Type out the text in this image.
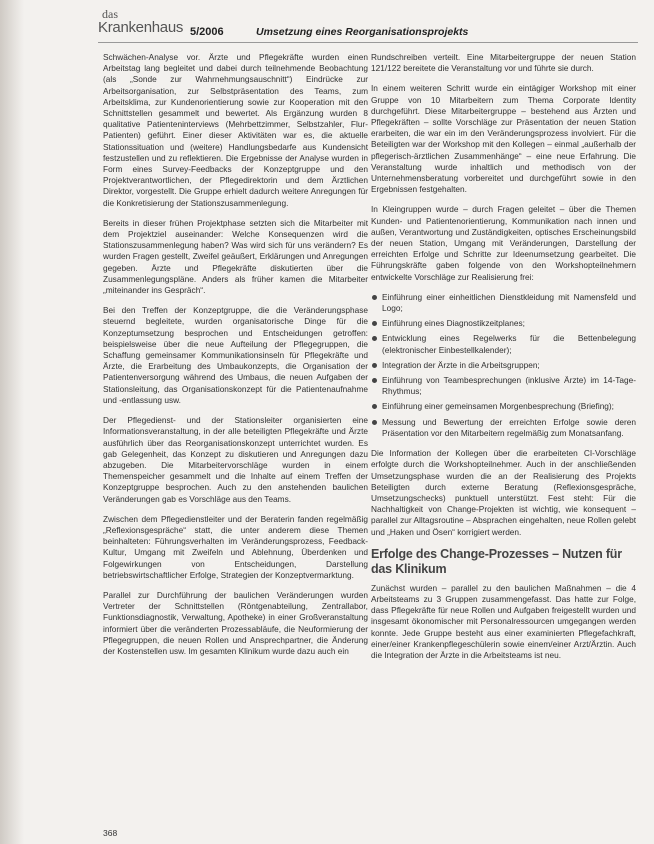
das
Krankenhaus 5/2006	Umsetzung eines Reorganisationsprojekts

Schwächen-Analyse vor. Ärzte und Pflegekräfte wurden einen Arbeitstag lang begleitet und dabei durch teilnehmende Beobachtung (als „Sonde zur Wahrnehmungsauschnitt“) Eindrücke zur Arbeitsorganisation, zur Selbstpräsentation des Teams, zum Arbeitsklima, zur Kundenorientierung sowie zur Kooperation mit den Schnittstellen gesammelt und bewertet. Als Ergänzung wurden 8 qualitative Patienteninterviews (Mehrbettzimmer, Selbstzahler, Flur-Patienten) geführt. Einer dieser Aktivitäten war es, die aktuelle Stationssituation und (weitere) Handlungsbedarfe aus Kundensicht festzustellen und zu reflektieren. Die Ergebnisse der Analyse wurden in Form eines Survey-Feedbacks der Konzeptgruppe und den Projektverantwortlichen, der Pflegedirektorin und dem Ärztlichen Direktor, vorgestellt. Die Gruppe erhielt dadurch weitere Anregungen für die Konkretisierung der Stationszusammenlegung.

Bereits in dieser frühen Projektphase setzten sich die Mitarbeiter mit dem Projektziel auseinander: Welche Konsequenzen wird die Stationszusammenlegung haben? Was wird sich für uns verändern? Es wurden Fragen gestellt, Zweifel geäußert, Erklärungen und Anregungen gegeben. Ärzte und Pflegekräfte diskutierten über die Zusammenlegungspläne. Anders als früher kamen die Mitarbeiter „miteinander ins Gespräch“.

Bei den Treffen der Konzeptgruppe, die die Veränderungsphase steuernd begleitete, wurden organisatorische Dinge für die Konzeptumsetzung besprochen und Entscheidungen getroffen: beispielsweise über die neue Aufteilung der Pflegegruppen, die Schaffung gemeinsamer Kommunikationsinseln für Pflegekräfte und Ärzte, die Erarbeitung des Umbaukonzepts, die Organisation der Patientenversorgung während des Umbaus, die neuen Aufgaben der Stationsleitung, das Organisationskonzept für die Patientenaufnahme und -entlassung usw.

Der Pflegedienst- und der Stationsleiter organisierten eine Informationsveranstaltung, in der alle beteiligten Pflegekräfte und Ärzte ausführlich über das Reorganisationskonzept unterrichtet wurden. Es gab Gelegenheit, das Konzept zu diskutieren und Anregungen dazu abzugeben. Die Mitarbeitervorschläge wurden in einem Themenspeicher gesammelt und die Inhalte auf einem Treffen der Konzeptgruppe besprochen. Auch zu den anstehenden baulichen Veränderungen gab es Vorschläge aus den Teams.

Zwischen dem Pflegedienstleiter und der Beraterin fanden regelmäßig „Reflexionsgespräche“ statt, die unter anderem diese Themen beinhalteten: Führungsverhalten im Veränderungsprozess, Feedback-Kultur, Umgang mit Zweifeln und Ablehnung, Überdenken und Folgewirkungen von Entscheidungen, Darstellung betriebswirtschaftlicher Erfolge, Strategien der Konzeptvermarktung.

Parallel zur Durchführung der baulichen Veränderungen wurden Vertreter der Schnittstellen (Röntgenabteilung, Zentrallabor, Funktionsdiagnostik, Verwaltung, Apotheke) in einer Großveranstaltung informiert über die veränderten Prozessabläufe, die Neuformierung der Pflegegruppen, die neuen Rollen und Ansprechpartner, die Änderung der Kostenstellen usw. Im gesamten Klinikum wurde dazu auch ein

Rundschreiben verteilt. Eine Mitarbeitergruppe der neuen Station 121/122 bereitete die Veranstaltung vor und führte sie durch.

In einem weiteren Schritt wurde ein eintägiger Workshop mit einer Gruppe von 10 Mitarbeitern zum Thema Corporate Identity durchgeführt. Diese Mitarbeitergruppe – bestehend aus Ärzten und Pflegekräften – sollte Vorschläge zur Präsentation der neuen Station erarbeiten, die war ein im den Veränderungsprozess involviert. Für die Beteiligten war der Workshop mit den Kollegen – einmal „außerhalb der pflegerisch-ärztlichen Zusammenhänge“ – eine neue Erfahrung. Die Veranstaltung wurde inhaltlich und methodisch von der Unternehmensberatung vorbereitet und durchgeführt sowie in den Ergebnissen festgehalten.

In Kleingruppen wurde – durch Fragen geleitet – über die Themen Kunden- und Patientenorientierung, Kommunikation nach innen und außen, Verantwortung und Zuständigkeiten, optisches Erscheinungsbild der neuen Station, Umgang mit Veränderungen, Darstellung der erreichten Erfolge und Schritte zur Ideenumsetzung gearbeitet. Die Führungskräfte gaben folgende von den Workshopteilnehmern entwickelte Vorschläge zur Realisierung frei:

Einführung einer einheitlichen Dienstkleidung mit Namensfeld und Logo;
Einführung eines Diagnostikzeitplanes;
Entwicklung eines Regelwerks für die Bettenbelegung (elektronischer Einbestellkalender);
Integration der Ärzte in die Arbeitsgruppen;
Einführung von Teambesprechungen (inklusive Ärzte) im 14-Tage-Rhythmus;
Einführung einer gemeinsamen Morgenbesprechung (Briefing);
Messung und Bewertung der erreichten Erfolge sowie deren Präsentation vor den Mitarbeitern regelmäßig zum Monatsanfang.

Die Information der Kollegen über die erarbeiteten CI-Vorschläge erfolgte durch die Workshopteilnehmer. Auch in der anschließenden Umsetzungsphase wurden die an der Realisierung des Projekts Beteiligten durch externe Beratung (Reflexionsgespräche, Umsetzungschecks) punktuell unterstützt. Fest steht: Für die Nachhaltigkeit von Change-Projekten ist wichtig, wie konsequent – parallel zur Alltagsroutine – Absprachen eingehalten, neue Rollen gelebt und „Haken und Ösen“ korrigiert werden.

Erfolge des Change-Prozesses – Nutzen für das Klinikum

Zunächst wurden – parallel zu den baulichen Maßnahmen – die 4 Arbeitsteams zu 3 Gruppen zusammengefasst. Das hatte zur Folge, dass Pflegekräfte für neue Rollen und Aufgaben freigestellt wurden und insgesamt ökonomischer mit Personalressourcen umgegangen werden konnte. Jede Gruppe besteht aus einer examinierten Pflegefachkraft, einer/einer Krankenpflegeschülerin sowie einem/einer Arzt/Ärztin. Auch die Integration der Ärzte in die Arbeitsteams ist neu.

368
